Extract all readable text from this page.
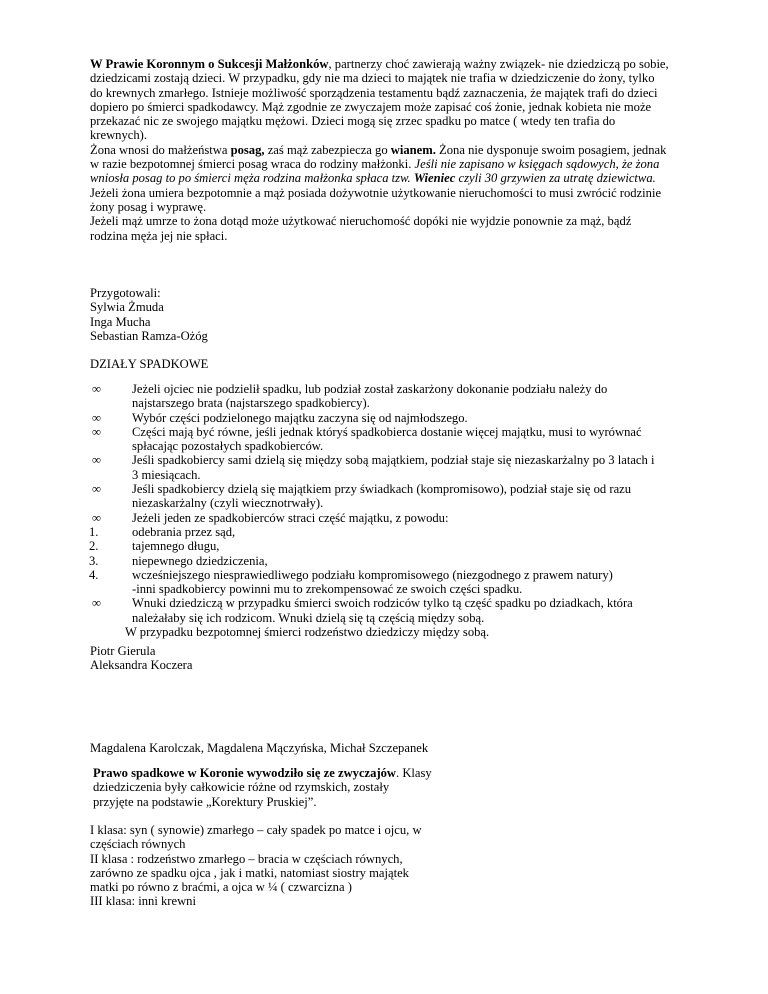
W Prawie Koronnym o Sukcesji Małżonków, partnerzy choć zawierają ważny związek- nie dziedziczą po sobie,

dziedzicami zostają dzieci. W przypadku, gdy nie ma dzieci to majątek nie trafia w dziedziczenie do żony, tylko

do krewnych zmarłego. Istnieje możliwość sporządzenia testamentu bądź zaznaczenia, że majątek trafi do dzieci

dopiero po śmierci spadkodawcy. Mąż zgodnie ze zwyczajem może zapisać coś żonie, jednak kobieta nie może

przekazać nic ze swojego majątku mężowi. Dzieci mogą się zrzec spadku po matce ( wtedy ten trafia do

krewnych).

Żona wnosi do małżeństwa posag, zaś mąż zabezpiecza go wianem. Żona nie dysponuje swoim posagiem, jednak

w razie bezpotomnej śmierci posag wraca do rodziny małżonki. Jeśli nie zapisano w księgach sądowych, że żona

wniosła posag to po śmierci męża rodzina małżonka spłaca tzw. Wieniec czyli 30 grzywien za utratę dziewictwa.

Jeżeli żona umiera bezpotomnie a mąż posiada dożywotnie użytkowanie nieruchomości to musi zwrócić rodzinie

żony posag i wyprawę.

Jeżeli mąż umrze to żona dotąd może użytkować nieruchomość dopóki nie wyjdzie ponownie za mąż, bądź

rodzina męża jej nie spłaci.

Przygotowali:

Sylwia Żmuda

Inga Mucha

Sebastian Ramza-Ożóg

DZIAŁY SPADKOWE
∞	Jeżeli ojciec nie podzielił spadku, lub podział został zaskarżony dokonanie podziału należy do

najstarszego brata (najstarszego spadkobiercy).

∞	Wybór części podzielonego majątku zaczyna się od najmłodszego.

∞	Części mają być równe, jeśli jednak któryś spadkobierca dostanie więcej majątku, musi to wyrównać

spłacając pozostałych spadkobierców.

∞	Jeśli spadkobiercy sami dzielą się między sobą majątkiem, podział staje się niezaskarżalny po 3 latach i

3 miesiącach.

∞	Jeśli spadkobiercy dzielą się majątkiem przy świadkach (kompromisowo), podział staje się od razu

niezaskarżalny (czyli wiecznotrwały).

∞	Jeżeli jeden ze spadkobierców straci część majątku, z powodu:

1.	odebrania przez sąd,

2.	tajemnego długu,

3.	niepewnego dziedziczenia,

4.	wcześniejszego niesprawiedliwego podziału kompromisowego (niezgodnego z prawem natury)

-inni spadkobiercy powinni mu to zrekompensować ze swoich części spadku.

∞	Wnuki dziedziczą w przypadku śmierci swoich rodziców tylko tą część spadku po dziadkach, która

należałaby się ich rodzicom. Wnuki dzielą się tą częścią między sobą.

W przypadku bezpotomnej śmierci rodzeństwo dziedziczy między sobą.

Piotr Gierula

Aleksandra Koczera

Magdalena Karolczak, Magdalena Mączyńska, Michał Szczepanek

Prawo spadkowe w Koronie wywodziło się ze zwyczajów. Klasy

dziedziczenia były całkowicie różne od rzymskich, zostały

przyjęte na podstawie „Korektury Pruskiej”.

I klasa: syn ( synowie) zmarłego – cały spadek po matce i ojcu, w

częściach równych

II klasa : rodzeństwo zmarłego – bracia w częściach równych,

zarówno ze spadku ojca , jak i matki, natomiast siostry majątek

matki po równo z braćmi, a ojca w ¼ ( czwarcizna )

III klasa: inni krewni
